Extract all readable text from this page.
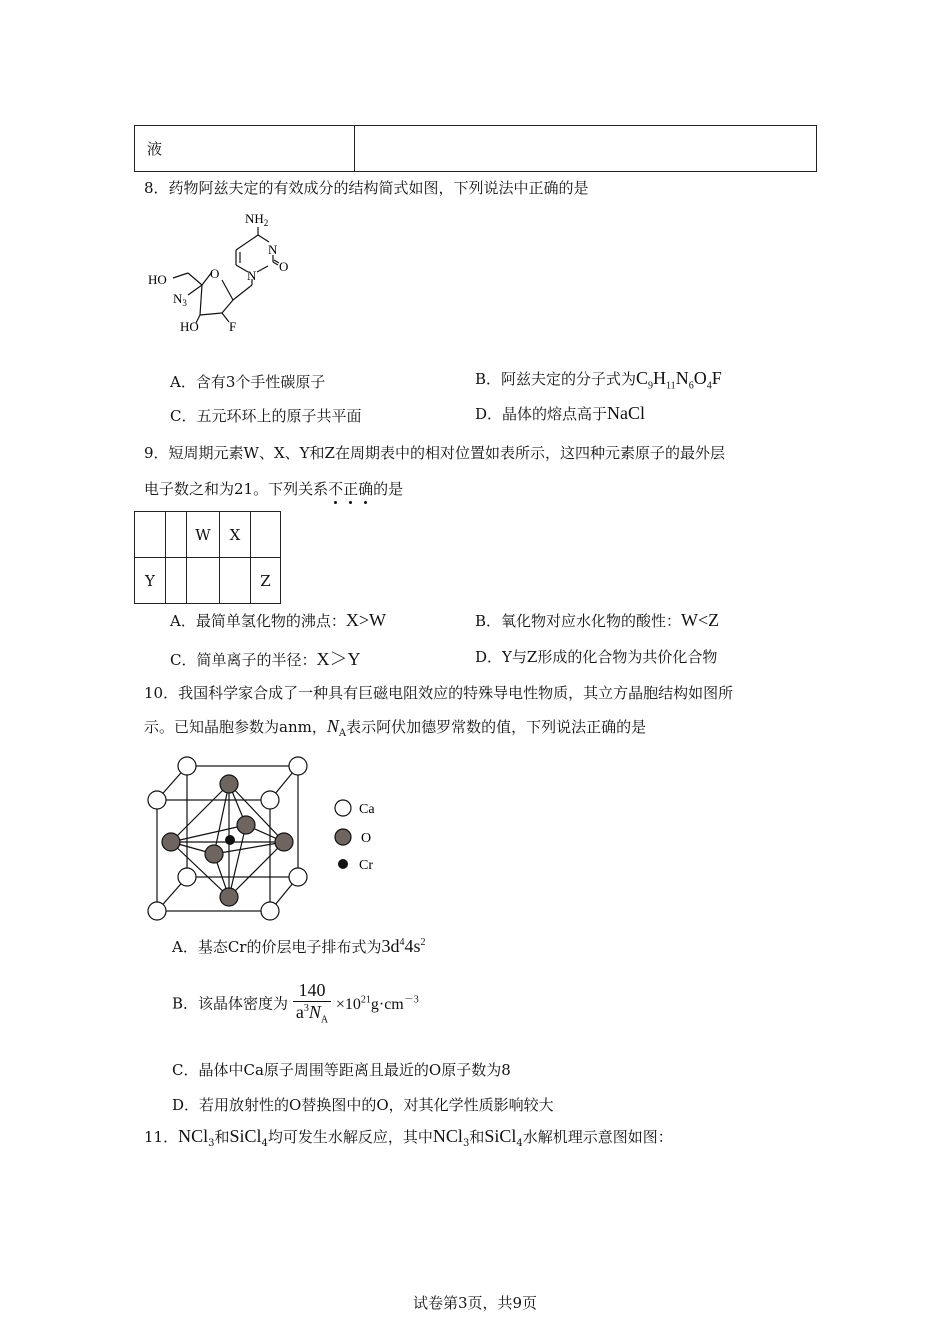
液	
8．药物阿兹夫定的有效成分的结构简式如图，下列说法中正确的是
$NH_2$
N
N
O
HO
$N_3$
O
HO F
A．含有3个手性碳原子	B．阿兹夫定的分子式为$C_9H_{11}N_6O_4F$
C．五元环环上的原子共平面	D．晶体的熔点高于NaCl
9．短周期元素W、X、Y和Z在周期表中的相对位置如表所示，这四种元素原子的最外层
电子数之和为21。下列关系不正确的是
		W	X	
Y				Z
A．最简单氢化物的沸点：X>W	B．氧化物对应水化物的酸性：W<Z
C．简单离子的半径：X＞Y	D．Y与Z形成的化合物为共价化合物
10．我国科学家合成了一种具有巨磁电阻效应的特殊导电性物质，其立方晶胞结构如图所
示。已知晶胞参数为anm，$N_A$表示阿伏加德罗常数的值，下列说法正确的是
Ca
O
Cr
A．基态Cr的价层电子排布式为$3d^44s^2$
B．该晶体密度为 $\frac{140}{a^3N_A} \times 10^{21}g\cdot cm^{-3}$
C．晶体中Ca原子周围等距离且最近的O原子数为8
D．若用放射性的O替换图中的O，对其化学性质影响较大
11．NCl$_3$和SiCl$_4$均可发生水解反应，其中NCl$_3$和SiCl$_4$水解机理示意图如图：
试卷第3页，共9页
